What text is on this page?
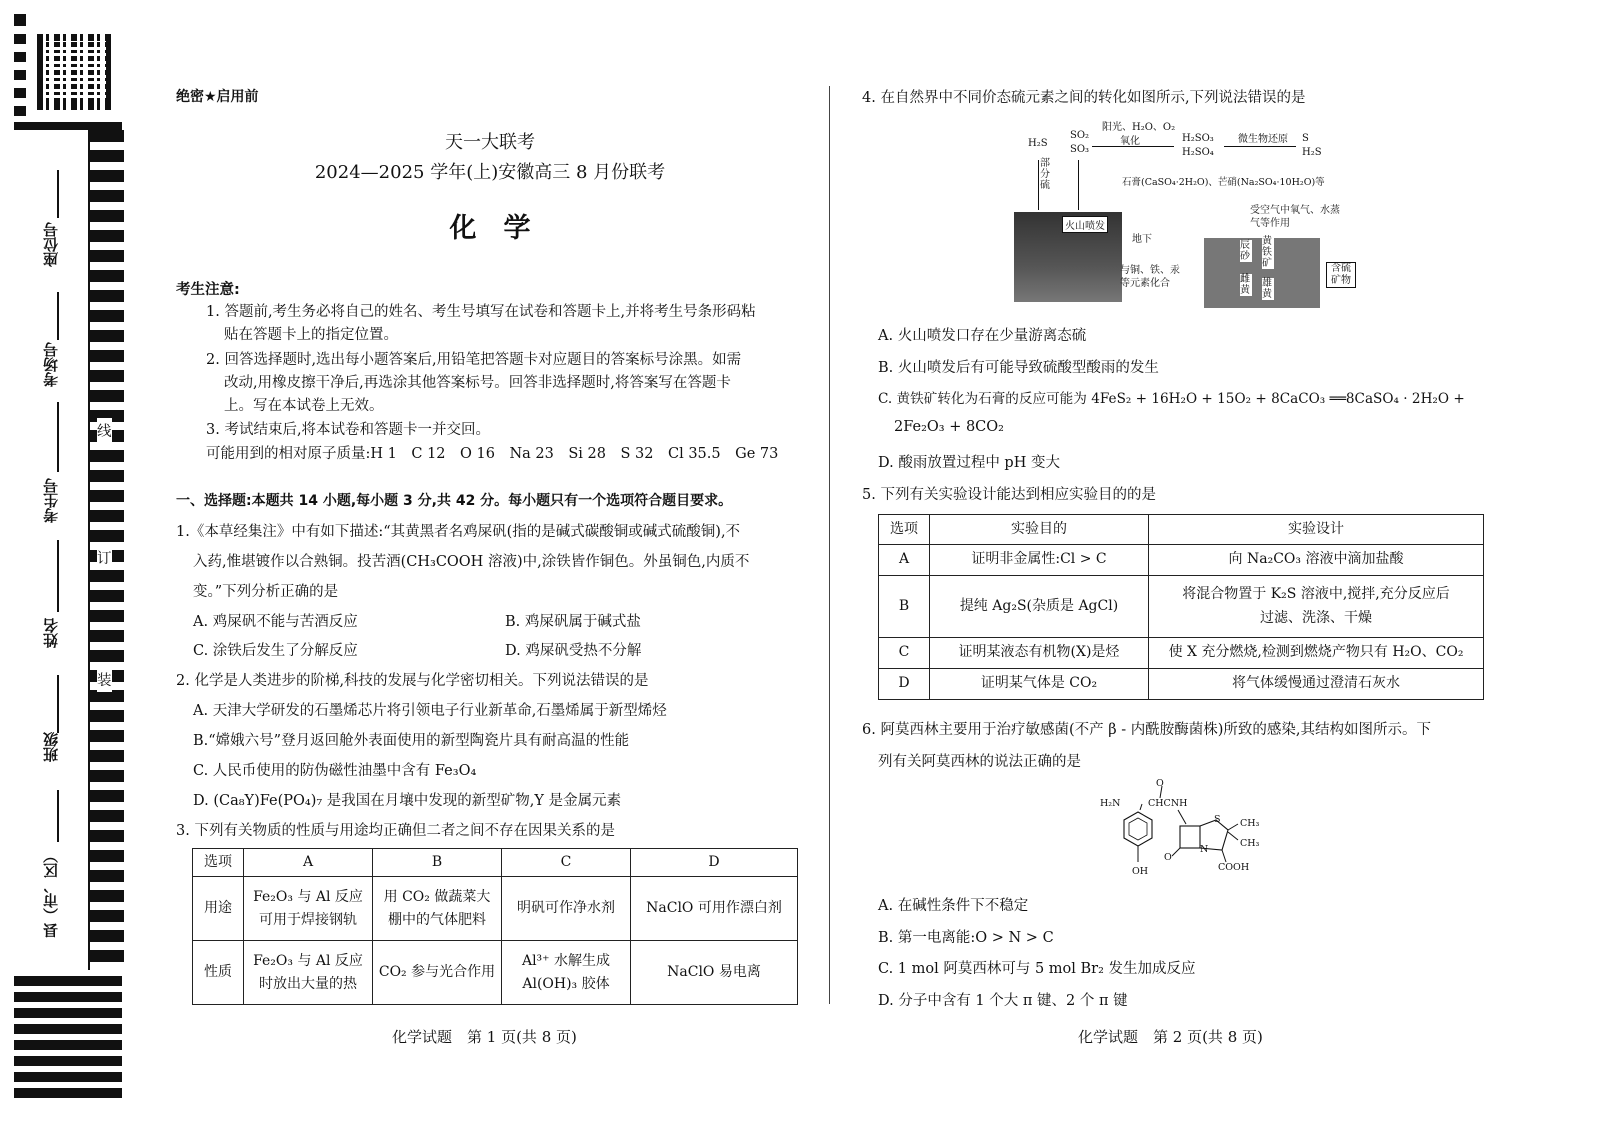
线
订
装
座位号
考场号
考生号
姓名
班级
县（市、区）
绝密★启用前
天一大联考
2024—2025 学年(上)安徽高三 8 月份联考
化　学
考生注意:
1. 答题前,考生务必将自己的姓名、考生号填写在试卷和答题卡上,并将考生号条形码粘
贴在答题卡上的指定位置。
2. 回答选择题时,选出每小题答案后,用铅笔把答题卡对应题目的答案标号涂黑。如需
改动,用橡皮擦干净后,再选涂其他答案标号。回答非选择题时,将答案写在答题卡
上。写在本试卷上无效。
3. 考试结束后,将本试卷和答题卡一并交回。
可能用到的相对原子质量:H 1　C 12　O 16　Na 23　Si 28　S 32　Cl 35.5　Ge 73
一、选择题:本题共 14 小题,每小题 3 分,共 42 分。每小题只有一个选项符合题目要求。
1.《本草经集注》中有如下描述:“其黄黑者名鸡屎矾(指的是碱式碳酸铜或碱式硫酸铜),不
入药,惟堪镀作以合熟铜。投苦酒(CH₃COOH 溶液)中,涂铁皆作铜色。外虽铜色,内质不
变。”下列分析正确的是
A. 鸡屎矾不能与苦酒反应	B. 鸡屎矾属于碱式盐
C. 涂铁后发生了分解反应	D. 鸡屎矾受热不分解
2. 化学是人类进步的阶梯,科技的发展与化学密切相关。下列说法错误的是
A. 天津大学研发的石墨烯芯片将引领电子行业新革命,石墨烯属于新型烯烃
B.“嫦娥六号”登月返回舱外表面使用的新型陶瓷片具有耐高温的性能
C. 人民币使用的防伪磁性油墨中含有 Fe₃O₄
D. (Ca₈Y)Fe(PO₄)₇ 是我国在月壤中发现的新型矿物,Y 是金属元素
3. 下列有关物质的性质与用途均正确但二者之间不存在因果关系的是
选项	A	B	C	D
用途	Fe₂O₃ 与 Al 反应可用于焊接钢轨	用 CO₂ 做蔬菜大棚中的气体肥料	明矾可作净水剂	NaClO 可用作漂白剂
性质	Fe₂O₃ 与 Al 反应时放出大量的热	CO₂ 参与光合作用	Al³⁺ 水解生成 Al(OH)₃ 胶体	NaClO 易电离
化学试题　第 1 页(共 8 页)
4. 在自然界中不同价态硫元素之间的转化如图所示,下列说法错误的是
H₂S
部分硫
SO₂
SO₃
阳光、H₂O、O₂
氧化	H₂SO₃
H₂SO₄
微生物还原 S
H₂S
石膏(CaSO₄·2H₂O)、芒硝(Na₂SO₄·10H₂O)等
火山喷发
地下
与铜、铁、汞等元素化合
受空气中氧气、水蒸气等作用
辰砂
黄铁矿
雌黄
雄黄
含硫矿物
A. 火山喷发口存在少量游离态硫
B. 火山喷发后有可能导致硫酸型酸雨的发生
C. 黄铁矿转化为石膏的反应可能为 4FeS₂ + 16H₂O + 15O₂ + 8CaCO₃ ══8CaSO₄ · 2H₂O +
2Fe₂O₃ + 8CO₂
D. 酸雨放置过程中 pH 变大
5. 下列有关实验设计能达到相应实验目的的是
选项	实验目的	实验设计
A	证明非金属性:Cl > C	向 Na₂CO₃ 溶液中滴加盐酸
B	提纯 Ag₂S(杂质是 AgCl)	将混合物置于 K₂S 溶液中,搅拌,充分反应后过滤、洗涤、干燥
C	证明某液态有机物(X)是烃	使 X 充分燃烧,检测到燃烧产物只有 H₂O、CO₂
D	证明某气体是 CO₂	将气体缓慢通过澄清石灰水
6. 阿莫西林主要用于治疗敏感菌(不产 β - 内酰胺酶菌株)所致的感染,其结构如图所示。下
列有关阿莫西林的说法正确的是
O
H₂N	CHCNH
S CH₃
CH₃
N
O
OH	COOH
A. 在碱性条件下不稳定
B. 第一电离能:O > N > C
C. 1 mol 阿莫西林可与 5 mol Br₂ 发生加成反应
D. 分子中含有 1 个大 π 键、2 个 π 键
化学试题　第 2 页(共 8 页)
